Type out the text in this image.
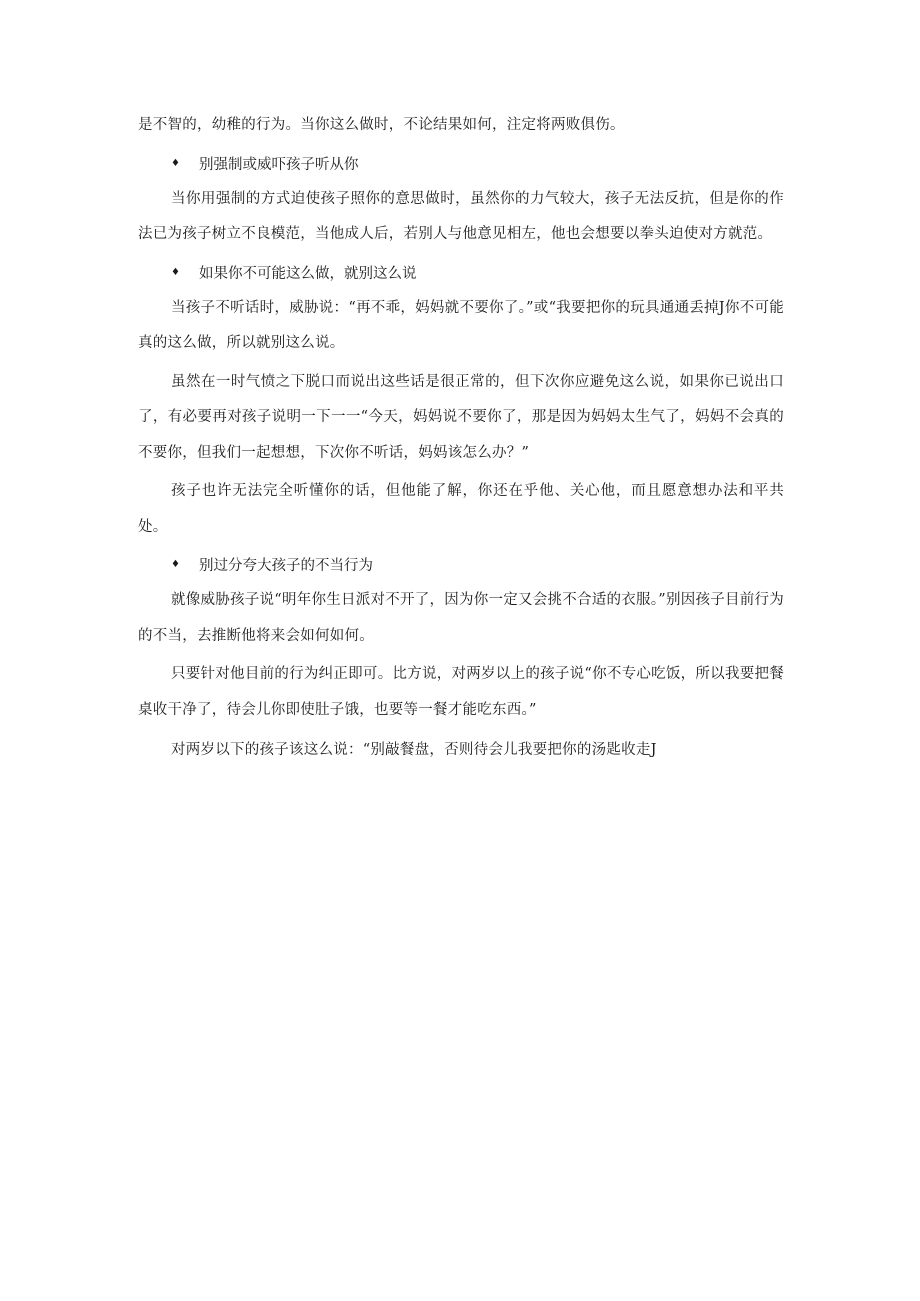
是不智的，幼稚的行为。当你这么做时，不论结果如何，注定将两败俱伤。

♦	别强制或威吓孩子听从你

当你用强制的方式迫使孩子照你的意思做时，虽然你的力气较大，孩子无法反抗，但是你的作法已为孩子树立不良模范，当他成人后，若别人与他意见相左，他也会想要以拳头迫使对方就范。

♦	如果你不可能这么做，就别这么说

当孩子不听话时，威胁说：“再不乖，妈妈就不要你了。”或“我要把你的玩具通通丢掉J你不可能真的这么做，所以就别这么说。

虽然在一时气愤之下脱口而说出这些话是很正常的，但下次你应避免这么说，如果你已说出口了，有必要再对孩子说明一下一一“今天，妈妈说不要你了，那是因为妈妈太生气了，妈妈不会真的不要你，但我们一起想想，下次你不听话，妈妈该怎么办？”

孩子也许无法完全听懂你的话，但他能了解，你还在乎他、关心他，而且愿意想办法和平共处。

♦	别过分夸大孩子的不当行为

就像威胁孩子说“明年你生日派对不开了，因为你一定又会挑不合适的衣服。”别因孩子目前行为的不当，去推断他将来会如何如何。

只要针对他目前的行为纠正即可。比方说，对两岁以上的孩子说“你不专心吃饭，所以我要把餐桌收干净了，待会儿你即使肚子饿，也要等一餐才能吃东西。”

对两岁以下的孩子该这么说：“别敲餐盘，否则待会儿我要把你的汤匙收走J
